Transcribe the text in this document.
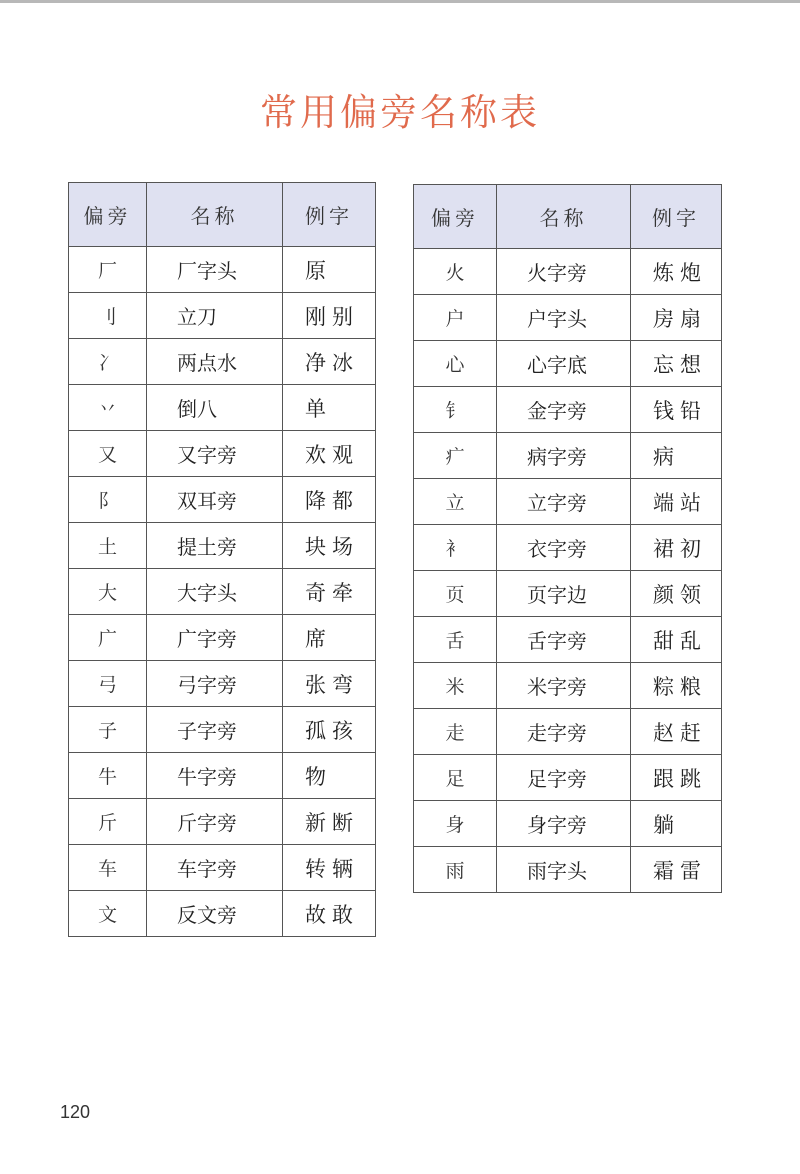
常用偏旁名称表
偏旁	名称	例字
厂	厂字头	原
刂	立刀	刚别
冫	两点水	净冰
丷	倒八	单
又	又字旁	欢观
阝	双耳旁	降都
土	提土旁	块场
大	大字头	奇牵
广	广字旁	席
弓	弓字旁	张弯
子	子字旁	孤孩
牛	牛字旁	物
斤	斤字旁	新断
车	车字旁	转辆
文	反文旁	故敢
偏旁	名称	例字
火	火字旁	炼炮
户	户字头	房扇
心	心字底	忘想
钅	金字旁	钱铅
疒	病字旁	病
立	立字旁	端站
衤	衣字旁	裙初
页	页字边	颜领
舌	舌字旁	甜乱
米	米字旁	粽粮
走	走字旁	赵赶
足	足字旁	跟跳
身	身字旁	躺
雨	雨字头	霜雷
120
